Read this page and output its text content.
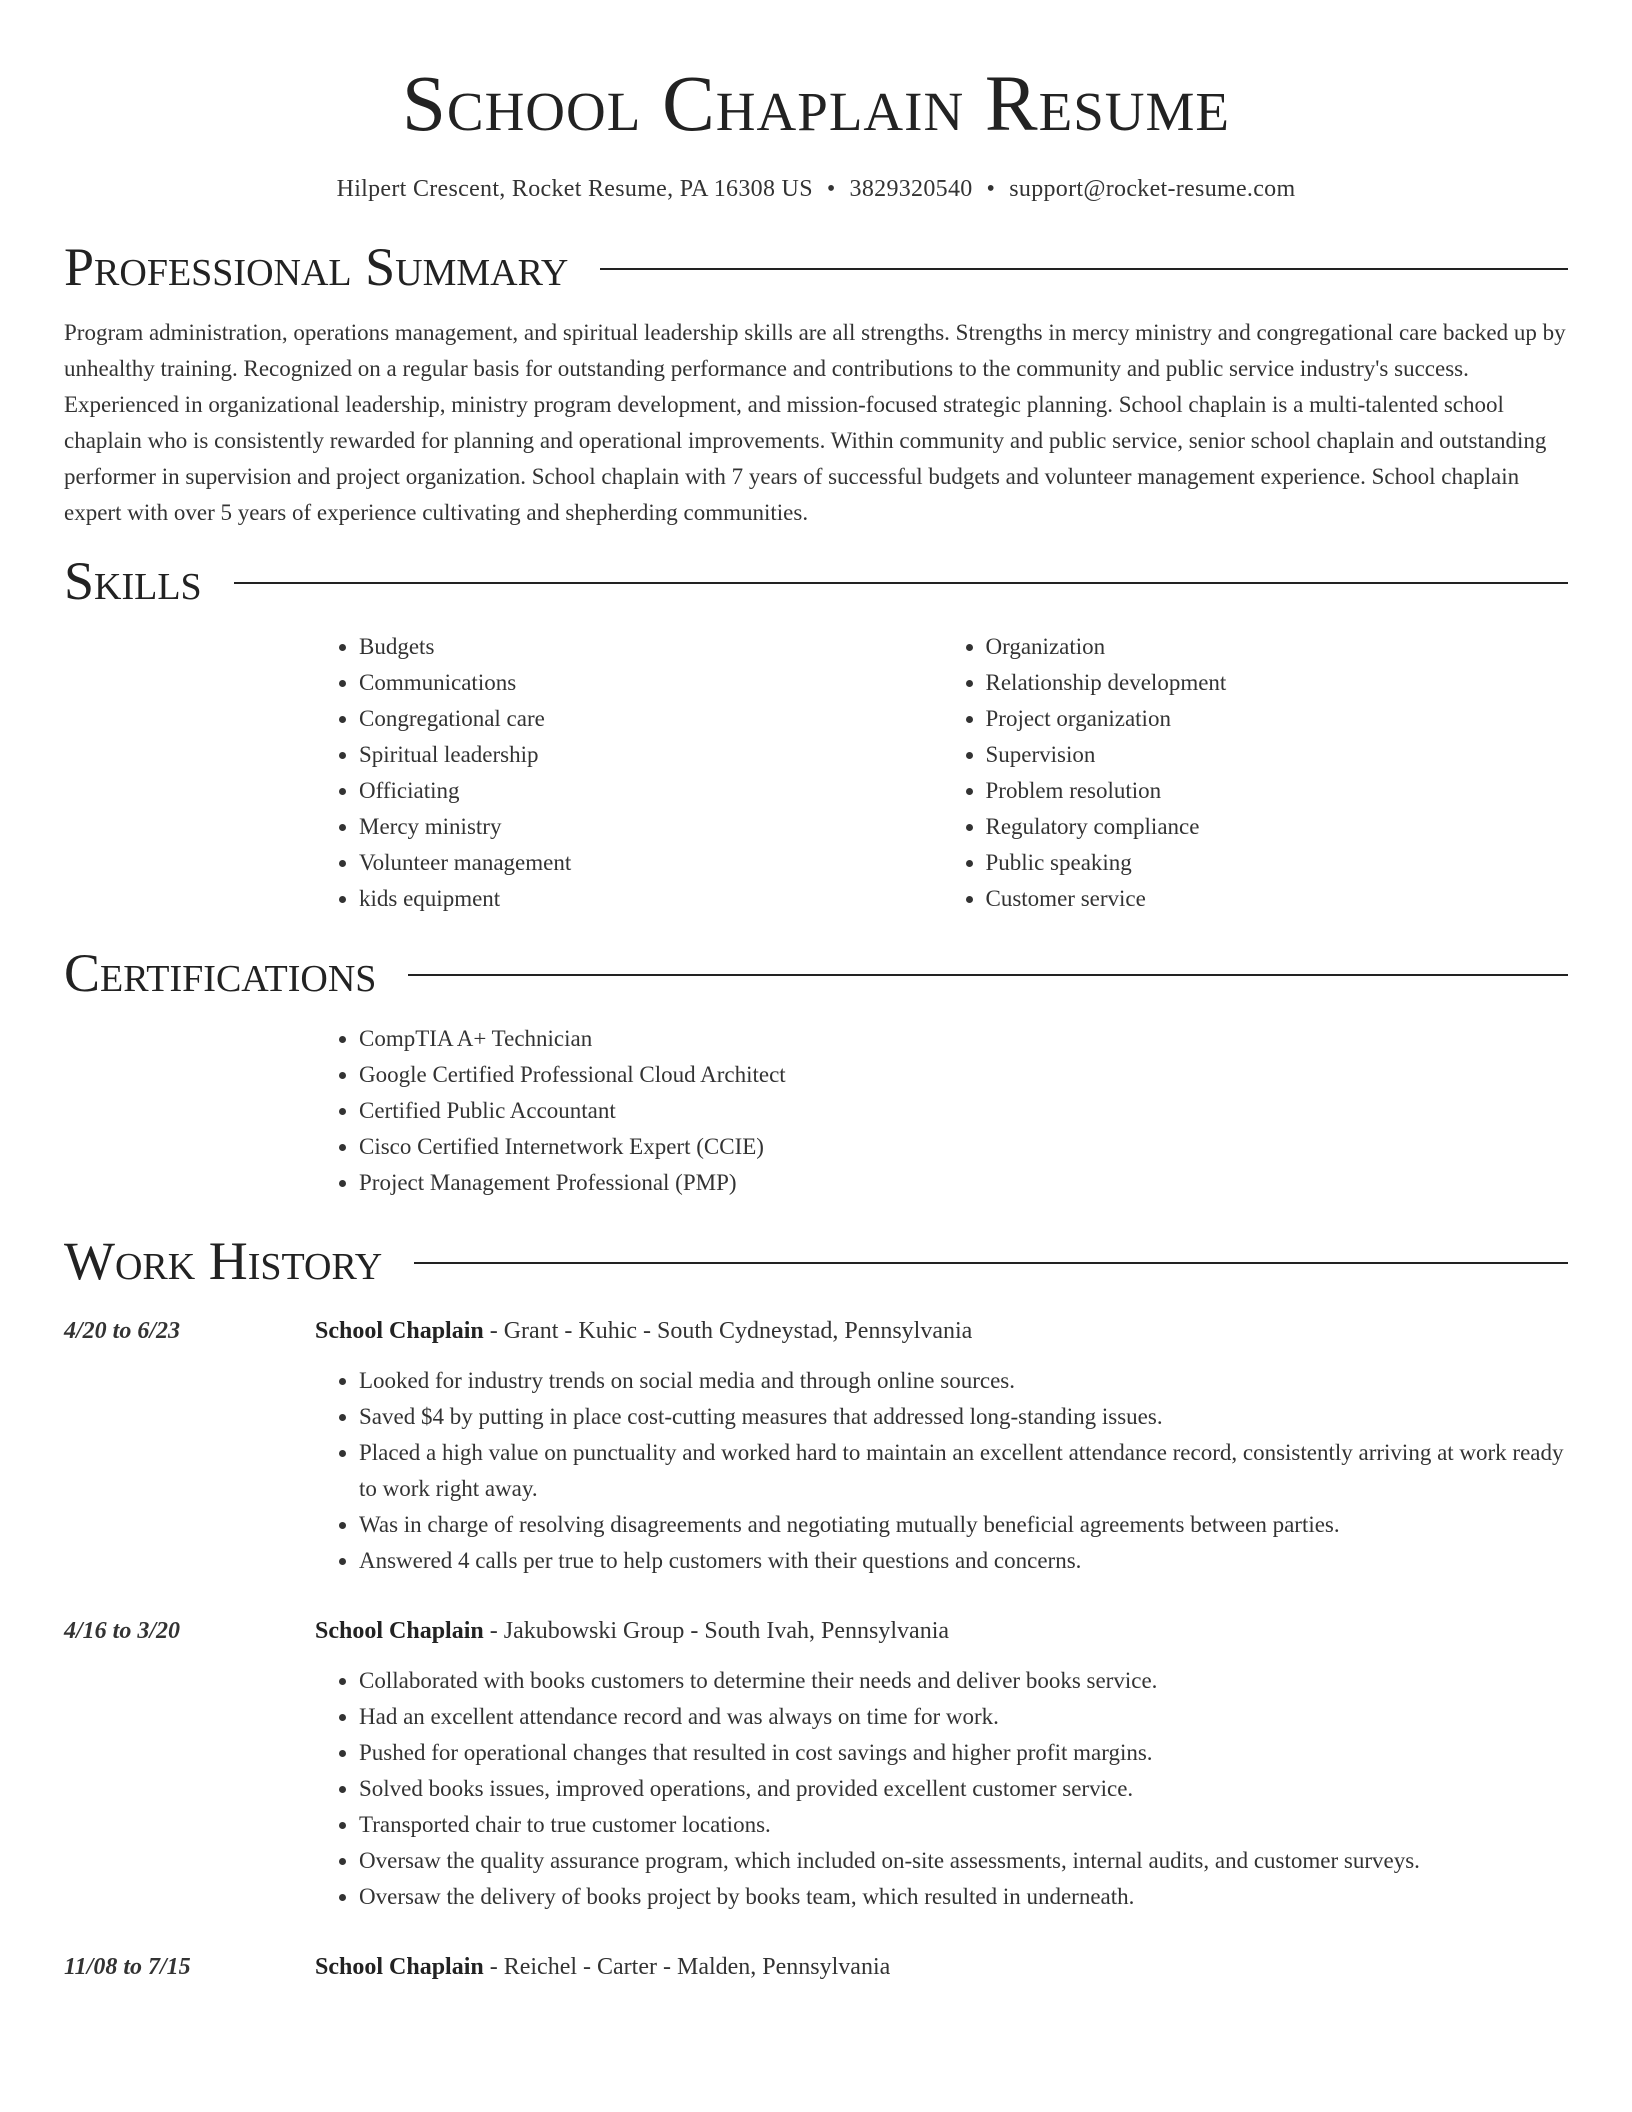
School Chaplain Resume
Hilpert Crescent, Rocket Resume, PA 16308 US • 3829320540 • support@rocket-resume.com
Professional Summary

Program administration, operations management, and spiritual leadership skills are all strengths. Strengths in mercy ministry and congregational care backed up by unhealthy training. Recognized on a regular basis for outstanding performance and contributions to the community and public service industry's success. Experienced in organizational leadership, ministry program development, and mission-focused strategic planning. School chaplain is a multi-talented school chaplain who is consistently rewarded for planning and operational improvements. Within community and public service, senior school chaplain and outstanding performer in supervision and project organization. School chaplain with 7 years of successful budgets and volunteer management experience. School chaplain expert with over 5 years of experience cultivating and shepherding communities.

Skills
• Budgets
• Communications
• Congregational care
• Spiritual leadership
• Officiating
• Mercy ministry
• Volunteer management
• kids equipment
• Organization
• Relationship development
• Project organization
• Supervision
• Problem resolution
• Regulatory compliance
• Public speaking
• Customer service
Certifications
• CompTIA A+ Technician
• Google Certified Professional Cloud Architect
• Certified Public Accountant
• Cisco Certified Internetwork Expert (CCIE)
• Project Management Professional (PMP)
Work History
4/20 to 6/23	School Chaplain - Grant - Kuhic - South Cydneystad, Pennsylvania
• Looked for industry trends on social media and through online sources.
• Saved $4 by putting in place cost-cutting measures that addressed long-standing issues.
• Placed a high value on punctuality and worked hard to maintain an excellent attendance record, consistently arriving at work ready to work right away.
• Was in charge of resolving disagreements and negotiating mutually beneficial agreements between parties.
• Answered 4 calls per true to help customers with their questions and concerns.
4/16 to 3/20	School Chaplain - Jakubowski Group - South Ivah, Pennsylvania
• Collaborated with books customers to determine their needs and deliver books service.
• Had an excellent attendance record and was always on time for work.
• Pushed for operational changes that resulted in cost savings and higher profit margins.
• Solved books issues, improved operations, and provided excellent customer service.
• Transported chair to true customer locations.
• Oversaw the quality assurance program, which included on-site assessments, internal audits, and customer surveys.
• Oversaw the delivery of books project by books team, which resulted in underneath.
11/08 to 7/15	School Chaplain - Reichel - Carter - Malden, Pennsylvania
